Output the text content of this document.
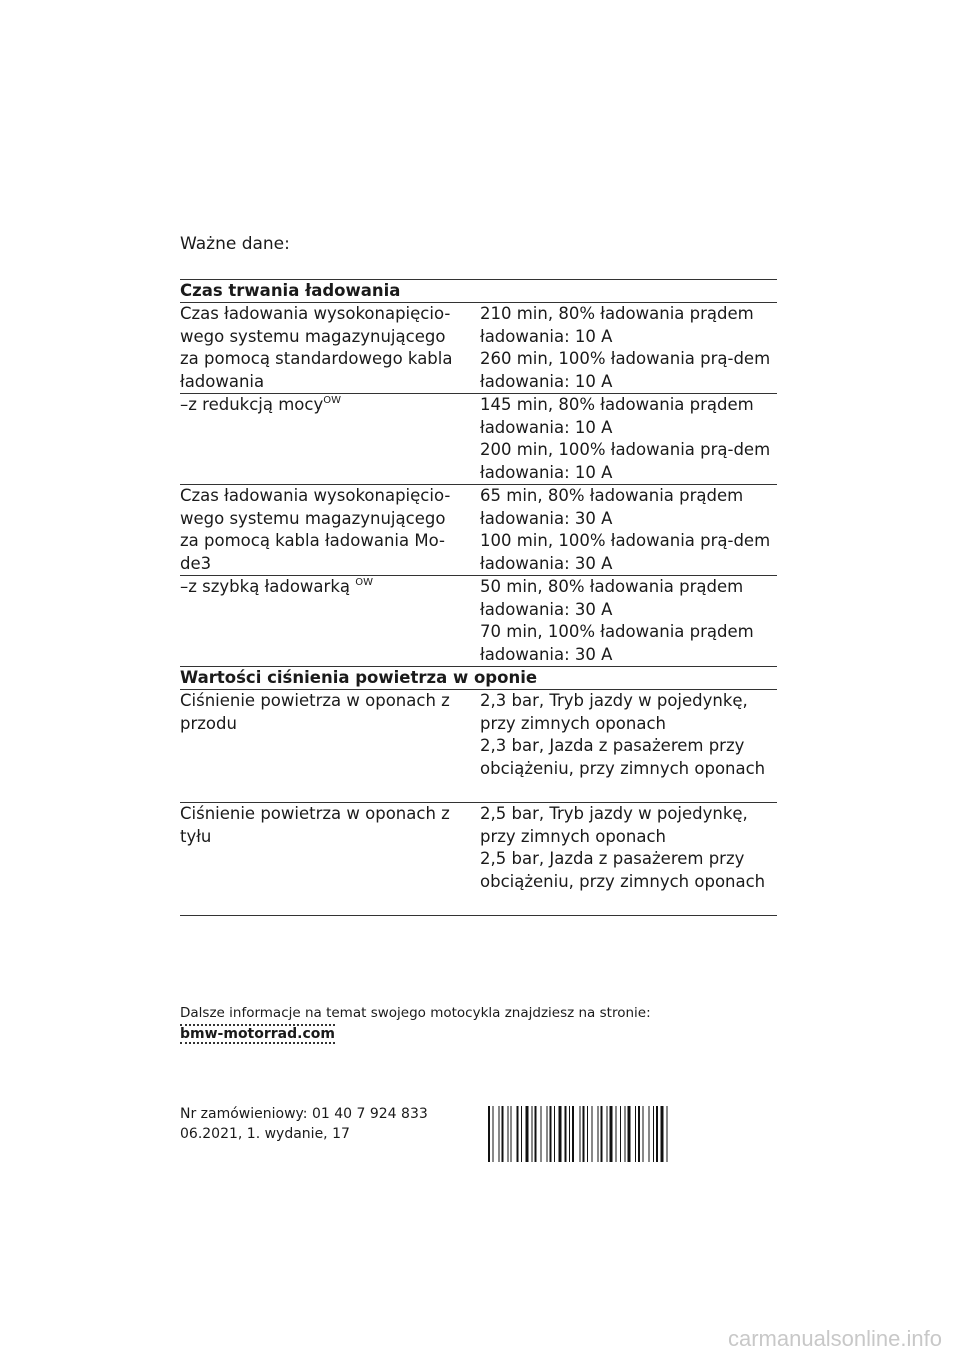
Ważne dane:
Czas trwania ładowania
Czas ładowania wysokonapięcio-wego systemu magazynującego za pomocą standardowego kabla ładowania
210 min, 80% ładowania prądem ładowania: 10 A
260 min, 100% ładowania prą-dem ładowania: 10 A
–z redukcją mocy$^{OW}$	145 min, 80% ładowania prądem ładowania: 10 A
200 min, 100% ładowania prą-dem ładowania: 10 A
Czas ładowania wysokonapięcio-wego systemu magazynującego za pomocą kabla ładowania Mo-de3
65 min, 80% ładowania prądem ładowania: 30 A
100 min, 100% ładowania prą-dem ładowania: 30 A
–z szybką ładowarką $^{OW}$	50 min, 80% ładowania prądem ładowania: 30 A
70 min, 100% ładowania prądem ładowania: 30 A
Wartości ciśnienia powietrza w oponie
Ciśnienie powietrza w oponach z przodu
2,3 bar, Tryb jazdy w pojedynkę, przy zimnych oponach
2,3 bar, Jazda z pasażerem przy obciążeniu, przy zimnych oponach
Ciśnienie powietrza w oponach z tyłu
2,5 bar, Tryb jazdy w pojedynkę, przy zimnych oponach
2,5 bar, Jazda z pasażerem przy obciążeniu, przy zimnych oponach
Dalsze informacje na temat swojego motocykla znajdziesz na stronie:
bmw-motorrad.com
Nr zamówieniowy: 01 40 7 924 833
06.2021, 1. wydanie, 17
carmanualsonline.info
